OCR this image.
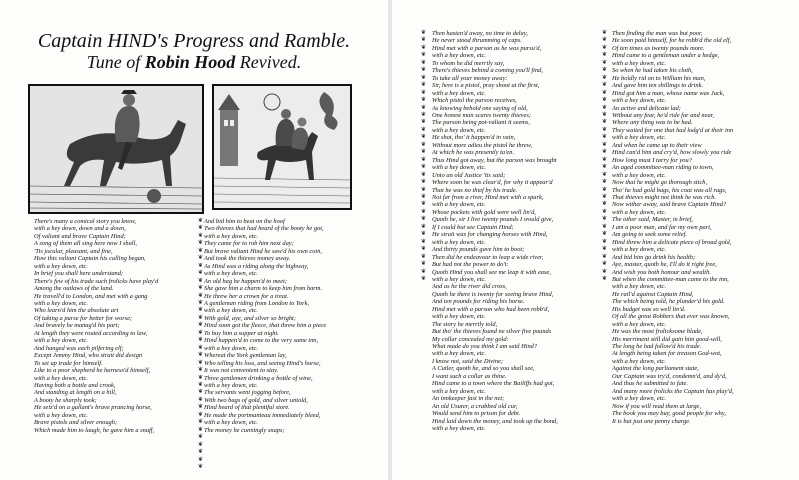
Captain HIND's Progress and Ramble.
Tune of Robin Hood Revived.
There's many a comical story you know,
with a hey down, down and a down,
Of valiant and brave Captain Hind;
A song of them all sing here now I shall,
'Tis jocular, pleasant, and fine,
How this valiant Captain his calling began,
with a hey down, etc.
In brief you shall here understand;
There's few of his trade such frolicks have play'd
Among the outlaws of the land.
He travell'd to London, and met with a gang
with a hey down, etc.
Who learn'd him the absolute art
Of taking a purse for better for worse;
And bravely he manag'd his part;
At length they were routed according to law,
with a hey down, etc.
And hanged was each pilfering elf;
Except Jemmy Hind, who strait did design
To set up trade for himself.
Like to a poor shepherd he harness'd himself,
with a hey down, etc.
Having both a bottle and crook,
And standing at length on a hill,
A booty he sharply took;
He seiz'd on a gallant's brave prancing horse,
with a hey down, etc.
Brave pistols and silver enough;
Which made him to laugh, he gave him a snuff,
❦
❦
❦
❦
❦
❦
❦
❦
❦
❦
❦
❦
❦
❦
❦
❦
❦
❦
❦
❦
❦
❦
❦
❦
❦
❦
❦
❦
❦
❦
❦
❦
❦
❦

And bid him to beat on the hoof
Two thieves that had heard of the booty he got,
with a hey down, etc.
They came for to rob him next day;
But brave valiant Hind he saw'd his own coin,
And took the thieves money away.
As Hind was a riding along the highway,
with a hey down, etc.
An old hag he happen'd to meet;
She gave him a charm to keep him from harm.
He threw her a crown for a treat.
A gentleman riding from London to York,
with a hey down, etc.
With gold, aye, and silver so bright;
Hind soon got the fleece, that threw him a piece
To buy him a supper at night.
Hind happen'd to come to the very same inn,
with a hey down, etc.
Whereat the York gentleman lay,
Who telling his loss, and seeing Hind's horse,
It was not convenient to stay.
Three gentlemen drinking a bottle of wine,
with a hey down, etc.
The servants went jogging before,
With two bags of gold, and silver untold,
Hind heard of that plentiful store.
He made the portmanteau immediately bleed,
with a hey down, etc.
The money he cunningly snaps;
❦
❦
❦
❦
❦
❦
❦
❦
❦
❦
❦
❦
❦
❦
❦
❦
❦
❦
❦
❦
❦
❦
❦
❦
❦
❦
❦
❦
❦
❦
❦
❦
❦
❦

Then hasten'd away, no time to delay,
He never stood thrumming of caps.
Hind met with a parson as he was pursu'd,
with a hey down, etc.
To whom he did merrily say,
There's thieves behind a coming you'll find,
To take all your money away:
Sir, here is a pistol, pray shoot at the first,
with a hey down, etc.
Which pistol the parson receives,
As knowing behold one saying of old,
One honest man scares twenty thieves;
The parson being pot-valiant it seems,
with a hey down, etc.
He shot, tho' it happen'd in vain,
Without more adieu the pistol he threw,
At which he was presently ta'en.
Thus Hind got away, but the parson was brought
with a hey down, etc.
Unto an old Justice 'tis said;
Where soon he was clear'd, for why it appear'd
That he was no thief by his trade.
Not far from a river, Hind met with a spark,
with a hey down, etc.
Whose pockets with gold were well lin'd,
Quoth he, sir I live twenty pounds I would give,
If I could but see Captain Hind;
He strait was for changing horses with Hind,
with a hey down, etc.
And thirty pounds gave him to boot;
Then did he endeavour to leap a wide river,
But had not the power to do't:
Quoth Hind you shall see me leap it with ease,
with a hey down, etc.
And as he the river did cross,
Quoth he there is twenty for seeing brave Hind,
And ten pounds for riding his horse.
Hind met with a parson who had been robb'd,
with a hey down, etc.
The story he merrily told,
But tho' the thieves found ne silver five pounds
My collar concealed my gold:
What made do you think I am said Hind?
with a hey down, etc.
I know not, said the Divine;
A Cutler, quoth he, and so you shall see,
I want such a collar as thine.
Hind came to a town where the Bailiffs had got,
with a hey down, etc.
An innkeeper fast in the net;
An old Usurer, a crabbed old cur,
Would send him to prison for debt.
Hind laid down the money, and took up the bond,
with a hey down, etc.
❦
❦
❦
❦
❦
❦
❦
❦
❦
❦
❦
❦
❦
❦
❦
❦
❦
❦
❦
❦
❦
❦
❦
❦
❦
❦
❦
❦
❦
❦
❦
❦
❦
❦

Then finding the man was but poor,
He soon paid himself, for he robb'd the old elf,
Of ten times as twenty pounds more.
Hind came to a gentleman under a hedge,
with a hey down, etc.
So when he had taken his cloth,
He boldly rid on to William his man,
And gave him ten shillings to drink.
Hind got him a man, whose name was Jack,
with a hey down, etc.
An active and delicate lad;
Without any fear, he'd ride far and near,
Where any thing was to be had.
They waited for one that had lodg'd at their inn
with a hey down, etc.
And when he came up to their view
Hind can'd him and cry'd, how slowly you ride
How long must I tarry for you?
An aged committee-man riding to town,
with a hey down, etc.
Now that he might go thorough stich,
Tho' he had gold bags, his coat was all rags,
That thieves might not think he was rich.
Now wither away, said brave Captain Hind?
with a hey down, etc.
The other said, Master, in brief,
I am a poor man, and far my own part,
Am going to seek some relief.
Hind threw him a delicate piece of broad gold,
with a hey down, etc.
And bid him go drink his health;
Aye, master, quoth he, I'll do it right free,
And wish you both honour and wealth.
But when the committee-man came to the inn,
with a hey down, etc.
He rail'd against Captain Hind,
The which being told, he plunder'd his gold.
His budget was so well lin'd.
Of all the great Robbers that ever was known,
with a hey down, etc.
He was the most frolicksome blade,
His merriment still did gain him good-will,
The long he had follow'd his trade.
At length being taken for treason God-wot,
with a hey down, etc.
Against the long parliament state,
Our Captain was try'd, condemn'd, and dy'd,
And thus he submitted to fate.
And many more frolicks the Captain has play'd,
with a hey down, etc.
Now if you will read them at large,
The book you may buy, good people for why,
It is but just one penny charge.
